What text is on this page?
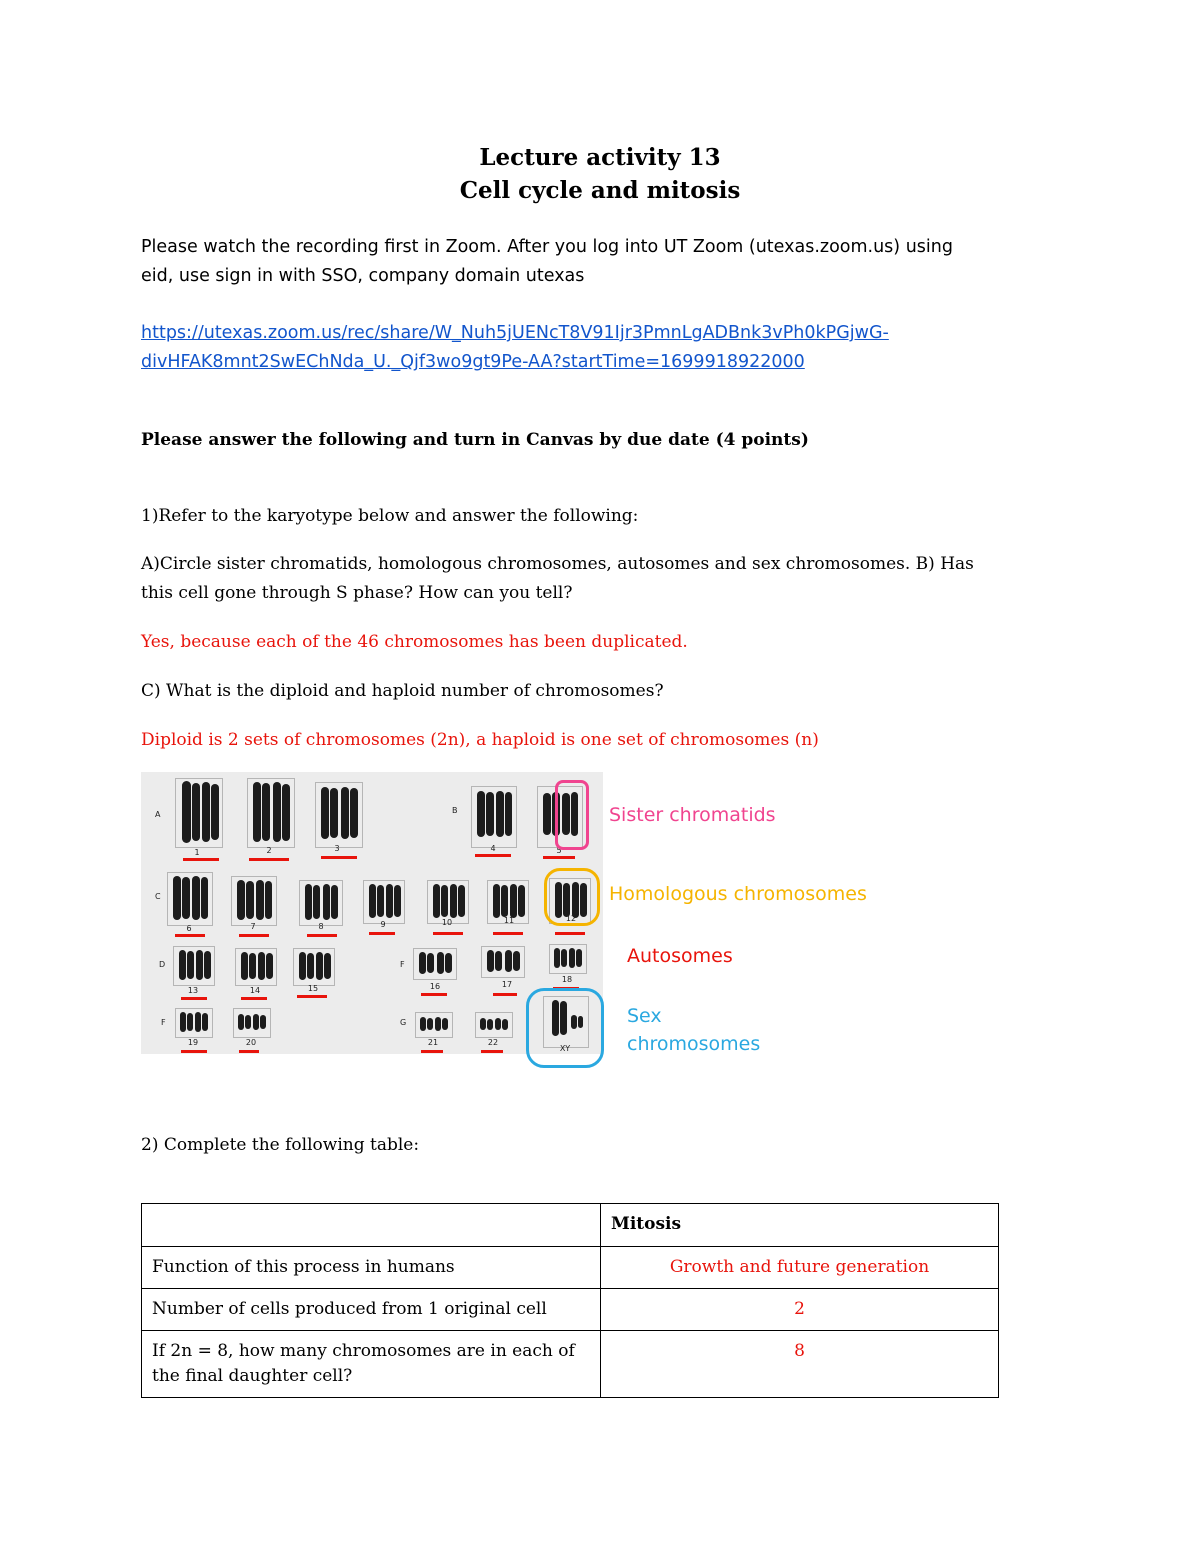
Lecture activity 13
Cell cycle and mitosis
Please watch the recording first in Zoom. After you log into UT Zoom (utexas.zoom.us) using
eid, use sign in with SSO, company domain utexas
https://utexas.zoom.us/rec/share/W_Nuh5jUENcT8V91Ijr3PmnLgADBnk3vPh0kPGjwG-
divHFAK8mnt2SwEChNda_U._Qjf3wo9gt9Pe-AA?startTime=1699918922000
Please answer the following and turn in Canvas by due date (4 points)
1)Refer to the karyotype below and answer the following:
A)Circle sister chromatids, homologous chromosomes, autosomes and sex chromosomes. B) Has
this cell gone through S phase? How can you tell?
Yes, because each of the 46 chromosomes has been duplicated.
C) What is the diploid and haploid number of chromosomes?
Diploid is 2 sets of chromosomes (2n), a haploid is one set of chromosomes (n)
A	B
C
D	F
F	G
1	2	3	4	5
6	7	8	9	10	11	12
13	14	15	16	17
18
19	20	21	22
XY
Sister chromatids
Homologous chromosomes
Autosomes
Sex
chromosomes
2) Complete the following table:
	Mitosis
Function of this process in humans	Growth and future generation
Number of cells produced from 1 original cell	2
If 2n = 8, how many chromosomes are in each of the final daughter cell?	8
